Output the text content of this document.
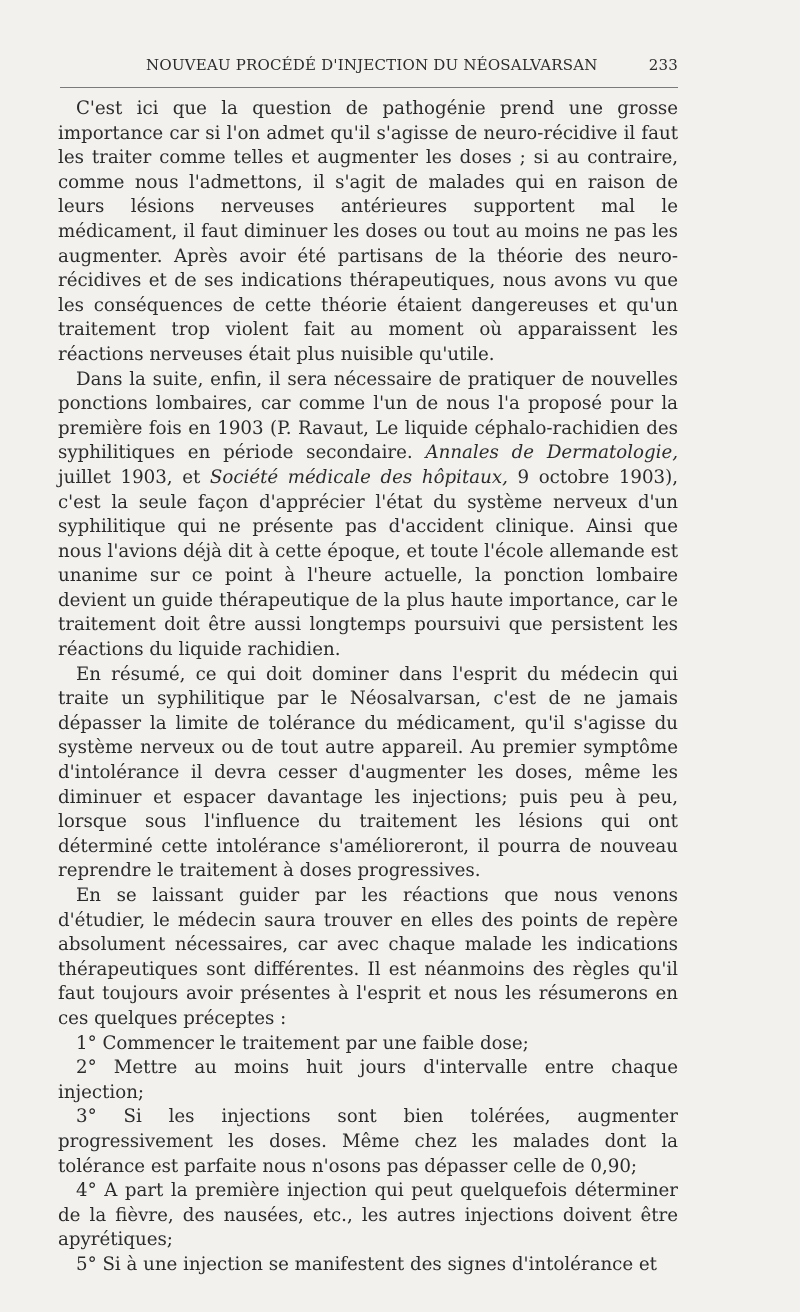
NOUVEAU PROCÉDÉ D'INJECTION DU NÉOSALVARSAN	233

C'est ici que la question de pathogénie prend une grosse importance car si l'on admet qu'il s'agisse de neuro-récidive il faut les traiter comme telles et augmenter les doses ; si au contraire, comme nous l'admettons, il s'agit de malades qui en raison de leurs lésions nerveuses antérieures supportent mal le médicament, il faut diminuer les doses ou tout au moins ne pas les augmenter. Après avoir été partisans de la théorie des neuro-récidives et de ses indications thérapeutiques, nous avons vu que les conséquences de cette théorie étaient dangereuses et qu'un traitement trop violent fait au moment où apparaissent les réactions nerveuses était plus nuisible qu'utile.

Dans la suite, enfin, il sera nécessaire de pratiquer de nouvelles ponctions lombaires, car comme l'un de nous l'a proposé pour la première fois en 1903 (P. Ravaut, Le liquide céphalo-rachidien des syphilitiques en période secondaire. Annales de Dermatologie, juillet 1903, et Société médicale des hôpitaux, 9 octobre 1903), c'est la seule façon d'apprécier l'état du système nerveux d'un syphilitique qui ne présente pas d'accident clinique. Ainsi que nous l'avions déjà dit à cette époque, et toute l'école allemande est unanime sur ce point à l'heure actuelle, la ponction lombaire devient un guide thérapeutique de la plus haute importance, car le traitement doit être aussi longtemps poursuivi que persistent les réactions du liquide rachidien.

En résumé, ce qui doit dominer dans l'esprit du médecin qui traite un syphilitique par le Néosalvarsan, c'est de ne jamais dépasser la limite de tolérance du médicament, qu'il s'agisse du système nerveux ou de tout autre appareil. Au premier symptôme d'intolérance il devra cesser d'augmenter les doses, même les diminuer et espacer davantage les injections; puis peu à peu, lorsque sous l'influence du traitement les lésions qui ont déterminé cette intolérance s'amélioreront, il pourra de nouveau reprendre le traitement à doses progressives.

En se laissant guider par les réactions que nous venons d'étudier, le médecin saura trouver en elles des points de repère absolument nécessaires, car avec chaque malade les indications thérapeutiques sont différentes. Il est néanmoins des règles qu'il faut toujours avoir présentes à l'esprit et nous les résumerons en ces quelques préceptes :

1° Commencer le traitement par une faible dose;

2° Mettre au moins huit jours d'intervalle entre chaque injection;

3° Si les injections sont bien tolérées, augmenter progressivement les doses. Même chez les malades dont la tolérance est parfaite nous n'osons pas dépasser celle de 0,90;

4° A part la première injection qui peut quelquefois déterminer de la fièvre, des nausées, etc., les autres injections doivent être apyrétiques;

5° Si à une injection se manifestent des signes d'intolérance et
